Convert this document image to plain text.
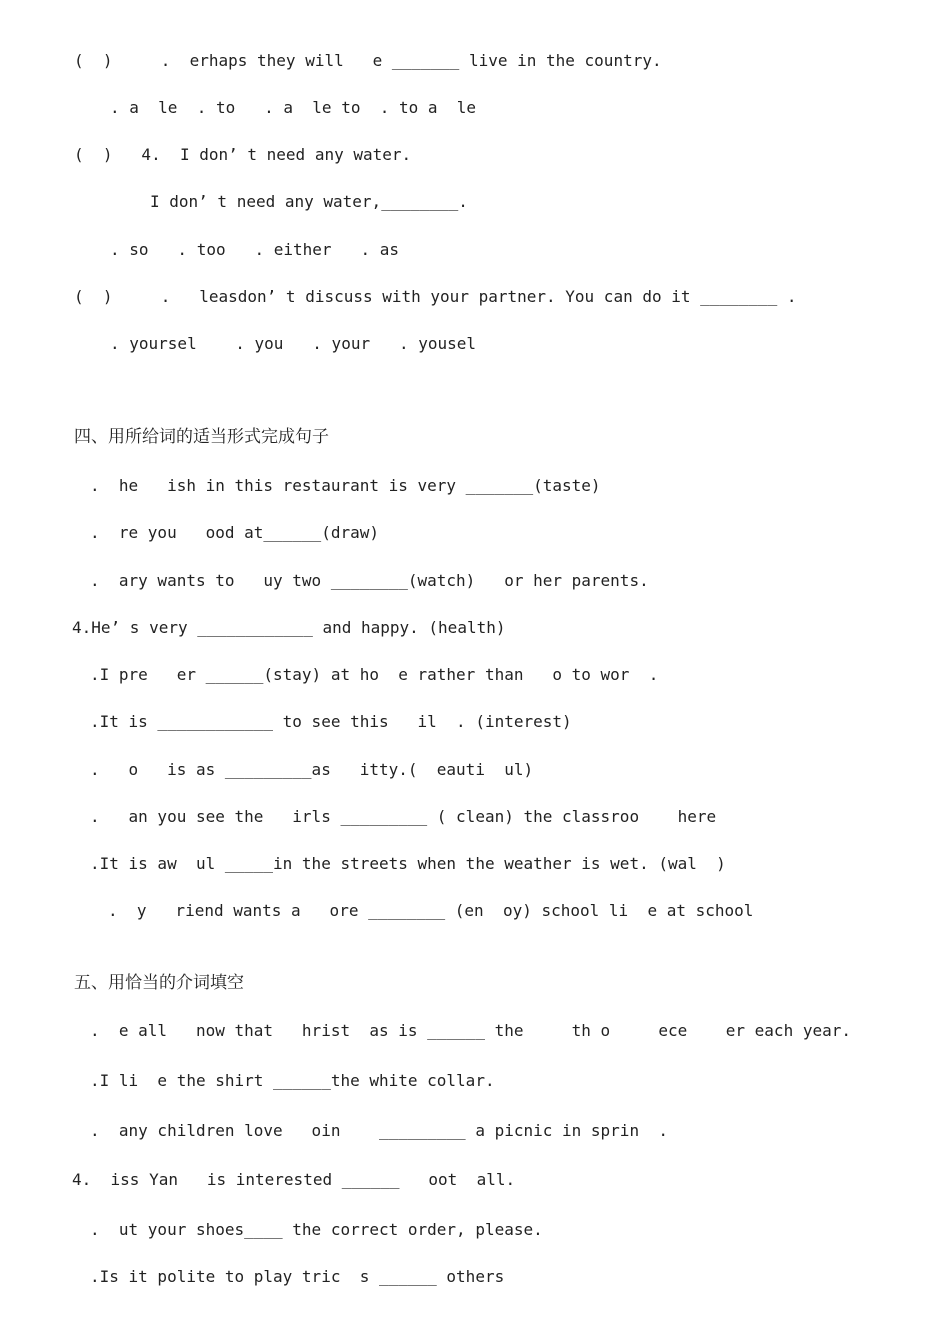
(  )     .  erhaps they will   e _______ live in the country.
. a  le  . to   . a  le to  . to a  le
(  )   4.  I don’ t need any water.
I don’ t need any water,________.
. so   . too   . either   . as
(  )     .   leasdon’ t discuss with your partner. You can do it ________ .
. yoursel    . you   . your   . yousel
四、用所给词的适当形式完成句子
.  he   ish in this restaurant is very _______(taste)
.  re you   ood at______(draw)
.  ary wants to   uy two ________(watch)   or her parents.
4.He’ s very ____________ and happy. (health)
.I pre   er ______(stay) at ho  e rather than   o to wor  .
.It is ____________ to see this   il  . (interest)
.   o   is as _________as   itty.(  eauti  ul)
.   an you see the   irls _________ ( clean) the classroo    here
.It is aw  ul _____in the streets when the weather is wet. (wal  )
.  y   riend wants a   ore ________ (en  oy) school li  e at school
五、用恰当的介词填空
.  e all   now that   hrist  as is ______ the     th o     ece    er each year.
.I li  e the shirt ______the white collar.
.  any children love   oin    _________ a picnic in sprin  .
4.  iss Yan   is interested ______   oot  all.
.  ut your shoes____ the correct order, please.
.Is it polite to play tric  s ______ others
